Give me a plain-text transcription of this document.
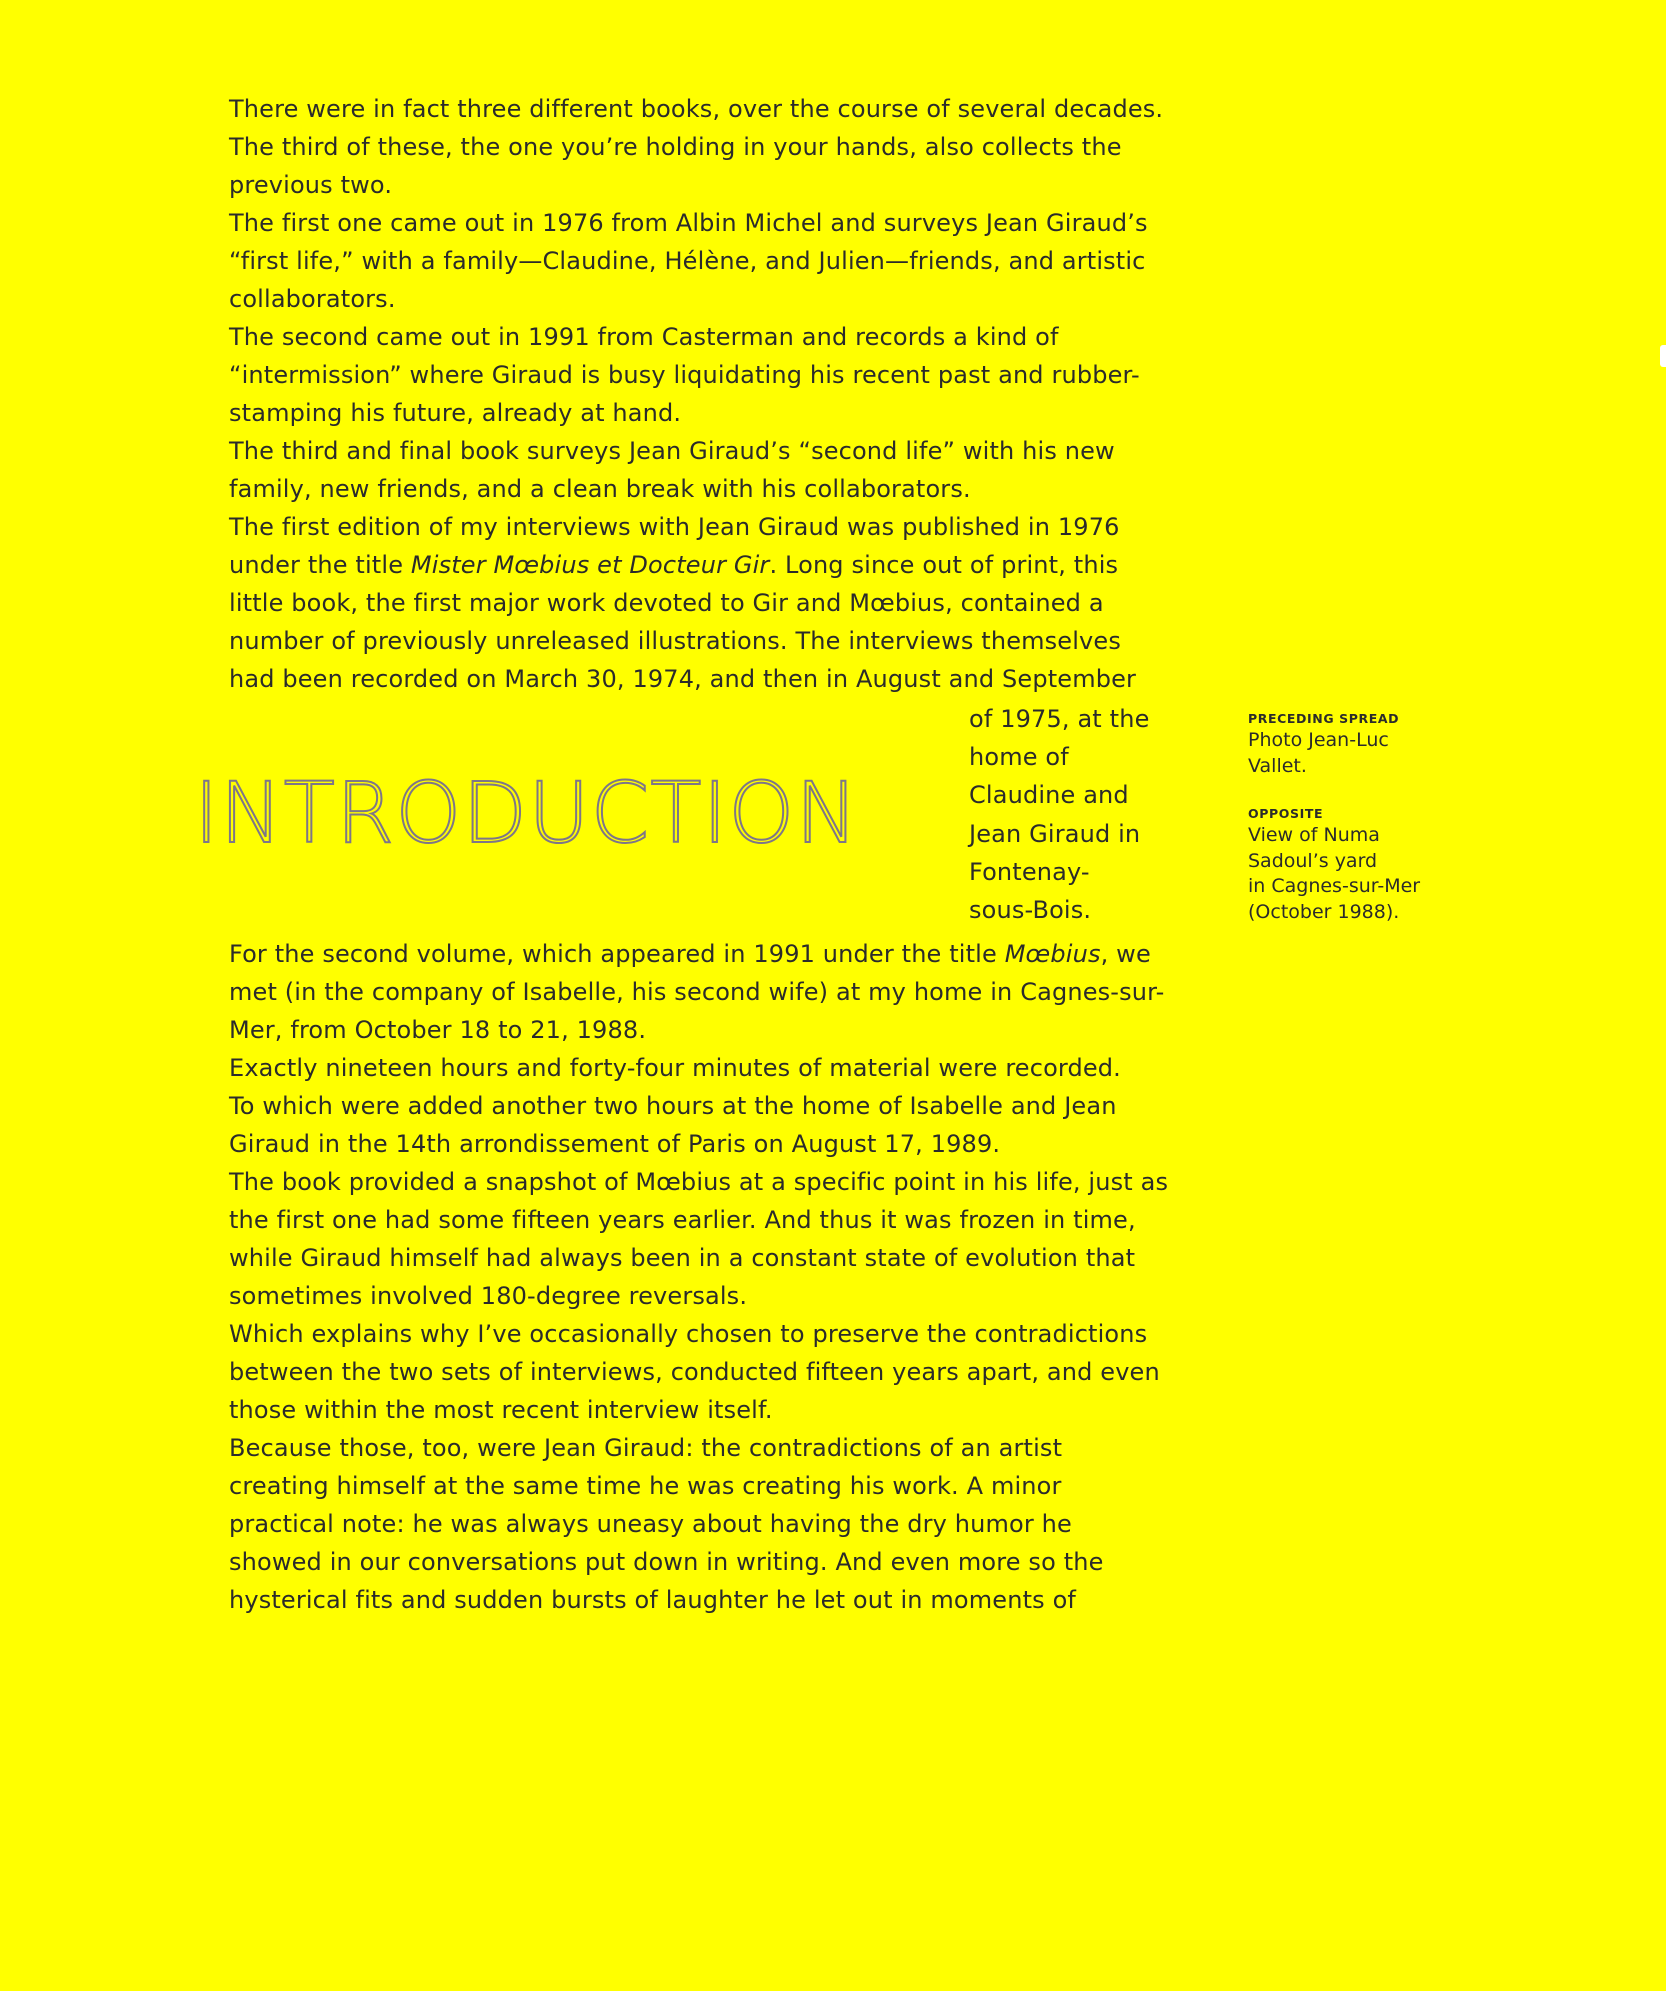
There were in fact three different books, over the course of several decades. The third of these, the one you’re holding in your hands, also collects the previous two.

The first one came out in 1976 from Albin Michel and surveys Jean Giraud’s “first life,” with a family—Claudine, Hélène, and Julien—friends, and artistic collaborators.

The second came out in 1991 from Casterman and records a kind of “intermission” where Giraud is busy liquidating his recent past and rubber-stamping his future, already at hand.

The third and final book surveys Jean Giraud’s “second life” with his new family, new friends, and a clean break with his collaborators.

The first edition of my interviews with Jean Giraud was published in 1976 under the title Mister Mœbius et Docteur Gir. Long since out of print, this little book, the first major work devoted to Gir and Mœbius, contained a number of previously unreleased illustrations. The interviews themselves had been recorded on March 30, 1974, and then in August and September

INTRODUCTION
of 1975, at the
home of
Claudine and
Jean Giraud in
Fontenay-
sous-Bois.

For the second volume, which appeared in 1991 under the title Mœbius, we met (in the company of Isabelle, his second wife) at my home in Cagnes-sur-Mer, from October 18 to 21, 1988.

Exactly nineteen hours and forty-four minutes of material were recorded.

To which were added another two hours at the home of Isabelle and Jean Giraud in the 14th arrondissement of Paris on August 17, 1989.

The book provided a snapshot of Mœbius at a specific point in his life, just as the first one had some fifteen years earlier. And thus it was frozen in time, while Giraud himself had always been in a constant state of evolution that sometimes involved 180-degree reversals.

Which explains why I’ve occasionally chosen to preserve the contradictions between the two sets of interviews, conducted fifteen years apart, and even those within the most recent interview itself.

Because those, too, were Jean Giraud: the contradictions of an artist creating himself at the same time he was creating his work. A minor practical note: he was always uneasy about having the dry humor he showed in our conversations put down in writing. And even more so the hysterical fits and sudden bursts of laughter he let out in moments of

PRECEDING SPREAD
Photo Jean-Luc
Vallet.
OPPOSITE
View of Numa
Sadoul’s yard
in Cagnes-sur-Mer
(October 1988).
